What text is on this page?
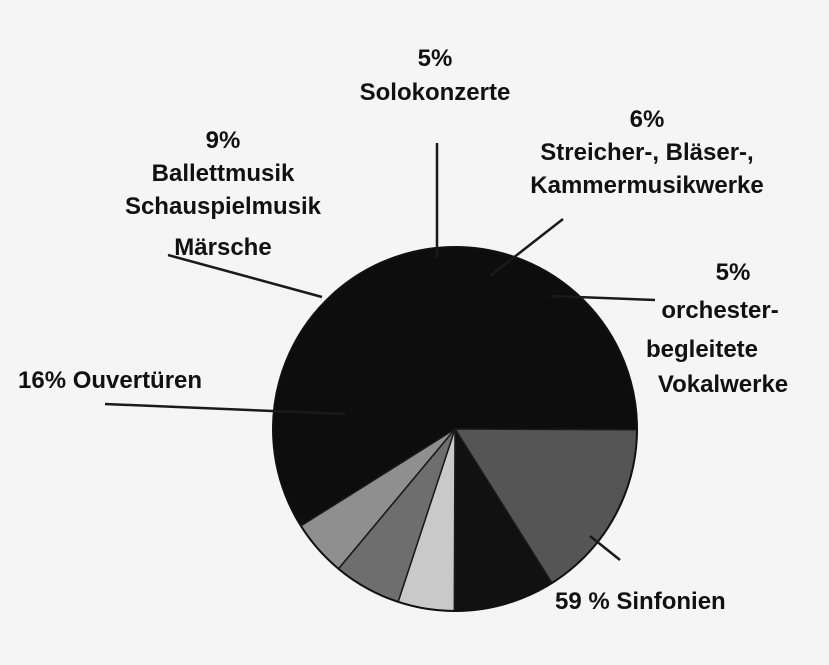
59 % Sinfonien
16% Ouvertüren
9%
Ballettmusik
Schauspielmusik
Märsche
5%
Solokonzerte
6%
Streicher-, Bläser-,
Kammermusikwerke
5%
orchester-
begleitete
Vokalwerke
